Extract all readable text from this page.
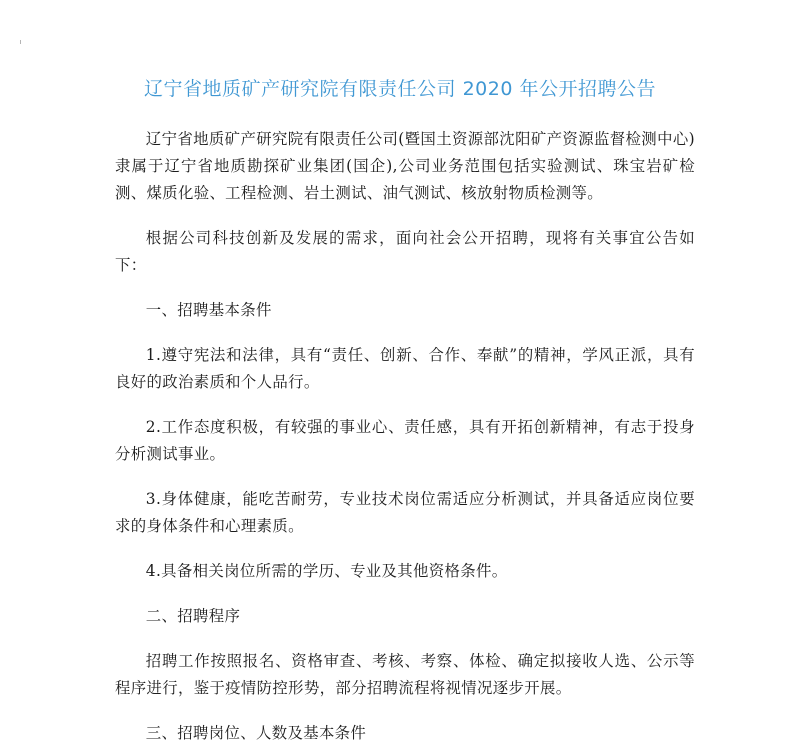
辽宁省地质矿产研究院有限责任公司 2020 年公开招聘公告

辽宁省地质矿产研究院有限责任公司(暨国土资源部沈阳矿产资源监督检测中心)隶属于辽宁省地质勘探矿业集团(国企),公司业务范围包括实验测试、珠宝岩矿检测、煤质化验、工程检测、岩土测试、油气测试、核放射物质检测等。

根据公司科技创新及发展的需求，面向社会公开招聘，现将有关事宜公告如下：

一、招聘基本条件

1.遵守宪法和法律，具有“责任、创新、合作、奉献”的精神，学风正派，具有良好的政治素质和个人品行。

2.工作态度积极，有较强的事业心、责任感，具有开拓创新精神，有志于投身分析测试事业。

3.身体健康，能吃苦耐劳，专业技术岗位需适应分析测试，并具备适应岗位要求的身体条件和心理素质。

4.具备相关岗位所需的学历、专业及其他资格条件。

二、招聘程序

招聘工作按照报名、资格审查、考核、考察、体检、确定拟接收人选、公示等程序进行，鉴于疫情防控形势，部分招聘流程将视情况逐步开展。

三、招聘岗位、人数及基本条件
